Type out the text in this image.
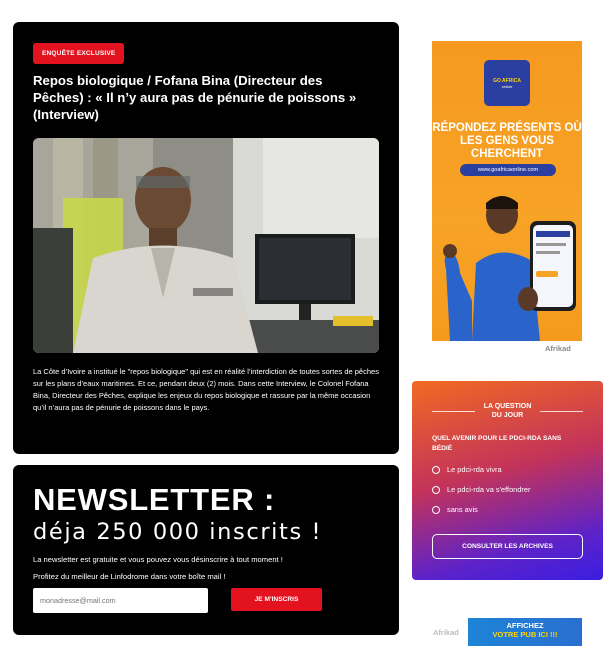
ENQUÊTE EXCLUSIVE
Repos biologique / Fofana Bina (Directeur des Pêches) : « Il n’y aura pas de pénurie de poissons » (Interview)

La Côte d’Ivoire a institué le "repos biologique" qui est en réalité l’interdiction de toutes sortes de pêches sur les plans d’eaux maritimes. Et ce, pendant deux (2) mois. Dans cette Interview, le Colonel Fofana Bina, Directeur des Pêches, explique les enjeux du repos biologique et rassure par la même occasion qu’il n’aura pas de pénurie de poissons dans le pays.

NEWSLETTER :
déja 250 000 inscrits !
La newsletter est gratuite et vous pouvez vous désinscrire à tout moment !
Profitez du meilleur de Linfodrome dans votre boîte mail !
monadresse@mail.com
JE M'INSCRIS
GO AFRICA
online
RÉPONDEZ PRÉSENTS OÙ LES GENS VOUS CHERCHENT
www.goafricaonline.com
Afrikad
LA QUESTION
DU JOUR
QUEL AVENIR POUR LE PDCI-RDA SANS BÉDIÉ
Le pdci-rda vivra
Le pdci-rda va s'effondrer
sans avis
CONSULTER LES ARCHIVES
Afrikad
AFFICHEZ
VOTRE PUB ICI !!!
